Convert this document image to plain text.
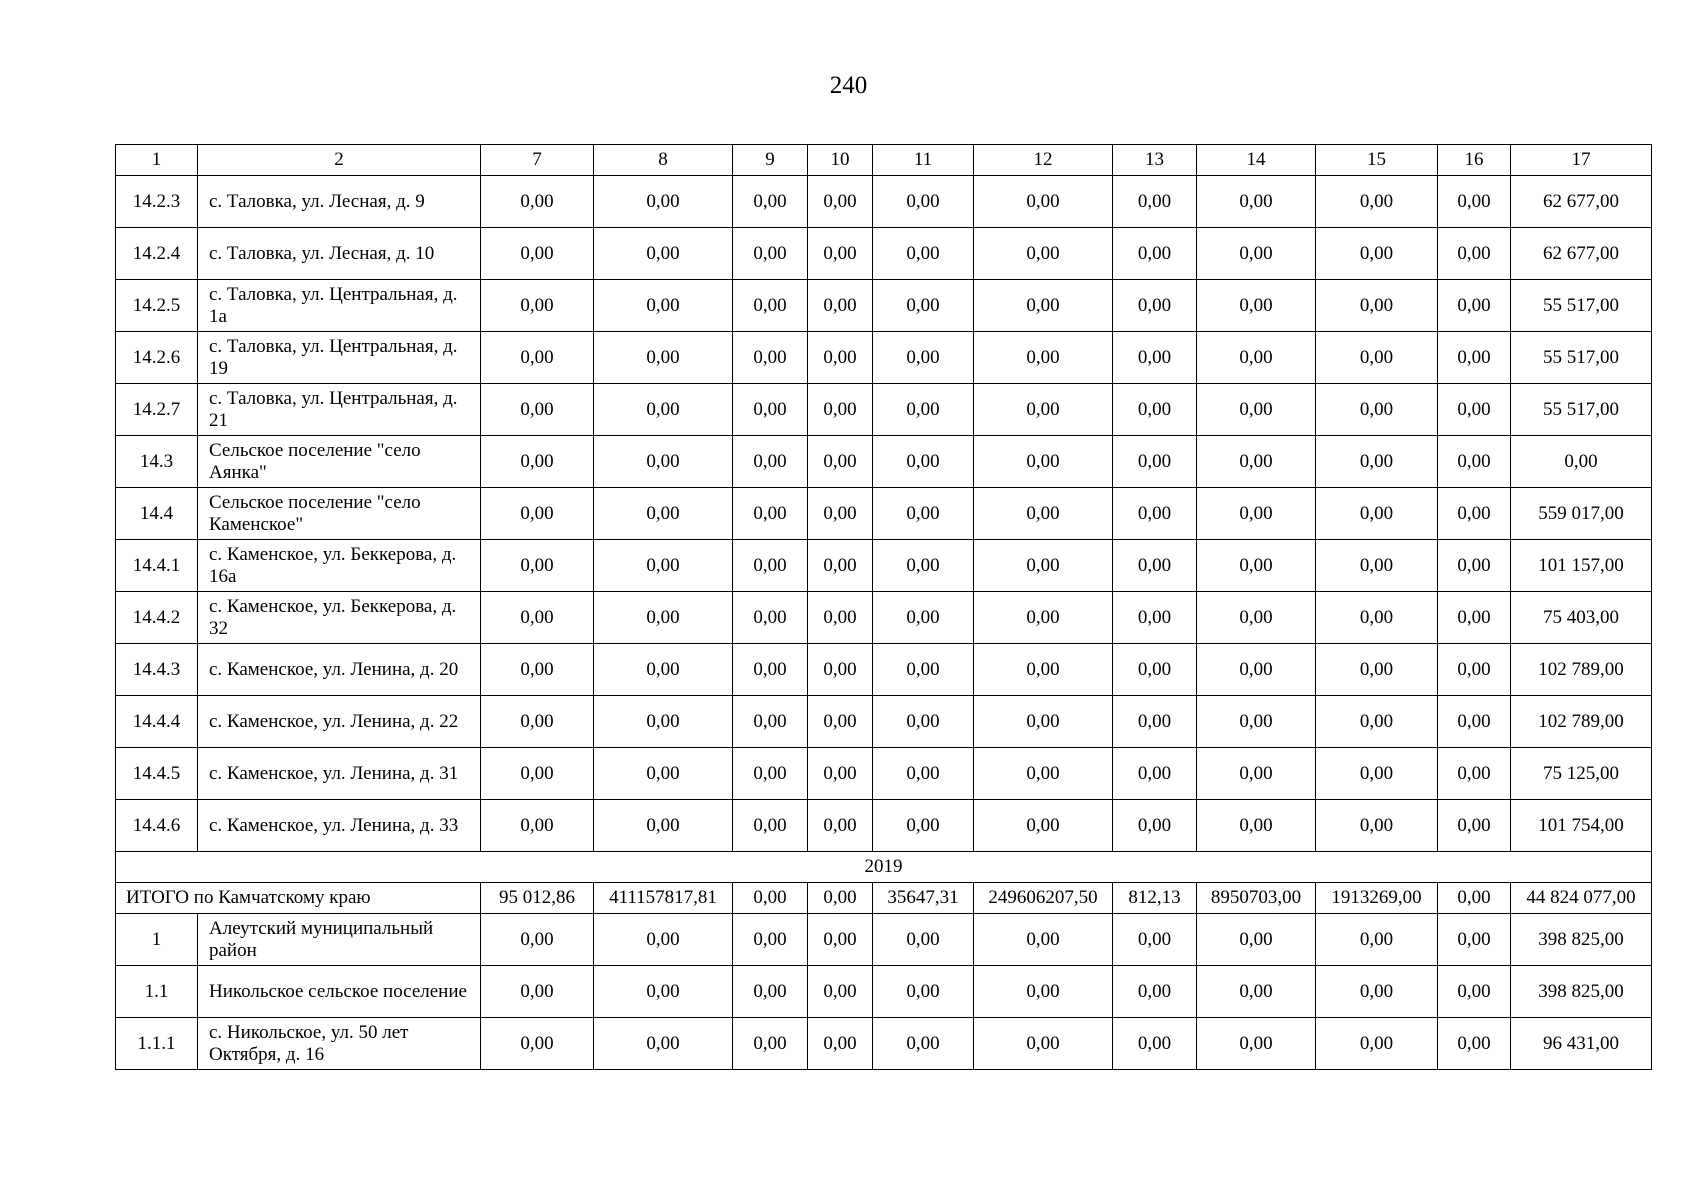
240
1	2	7	8	9	10	11	12	13	14	15	16	17
14.2.3	с. Таловка, ул. Лесная, д. 9	0,00	0,00	0,00	0,00	0,00	0,00	0,00	0,00	0,00	0,00	62 677,00
14.2.4	с. Таловка, ул. Лесная, д. 10	0,00	0,00	0,00	0,00	0,00	0,00	0,00	0,00	0,00	0,00	62 677,00
14.2.5	с. Таловка, ул. Центральная, д. 1а	0,00	0,00	0,00	0,00	0,00	0,00	0,00	0,00	0,00	0,00	55 517,00
14.2.6	с. Таловка, ул. Центральная, д. 19	0,00	0,00	0,00	0,00	0,00	0,00	0,00	0,00	0,00	0,00	55 517,00
14.2.7	с. Таловка, ул. Центральная, д. 21	0,00	0,00	0,00	0,00	0,00	0,00	0,00	0,00	0,00	0,00	55 517,00
14.3	Сельское поселение "село Аянка"	0,00	0,00	0,00	0,00	0,00	0,00	0,00	0,00	0,00	0,00	0,00
14.4	Сельское поселение "село Каменское"	0,00	0,00	0,00	0,00	0,00	0,00	0,00	0,00	0,00	0,00	559 017,00
14.4.1	с. Каменское, ул. Беккерова, д. 16а	0,00	0,00	0,00	0,00	0,00	0,00	0,00	0,00	0,00	0,00	101 157,00
14.4.2	с. Каменское, ул. Беккерова, д. 32	0,00	0,00	0,00	0,00	0,00	0,00	0,00	0,00	0,00	0,00	75 403,00
14.4.3	с. Каменское, ул. Ленина, д. 20	0,00	0,00	0,00	0,00	0,00	0,00	0,00	0,00	0,00	0,00	102 789,00
14.4.4	с. Каменское, ул. Ленина, д. 22	0,00	0,00	0,00	0,00	0,00	0,00	0,00	0,00	0,00	0,00	102 789,00
14.4.5	с. Каменское, ул. Ленина, д. 31	0,00	0,00	0,00	0,00	0,00	0,00	0,00	0,00	0,00	0,00	75 125,00
14.4.6	с. Каменское, ул. Ленина, д. 33	0,00	0,00	0,00	0,00	0,00	0,00	0,00	0,00	0,00	0,00	101 754,00
2019												
ИТОГО по Камчатскому краю		95 012,86	411157817,81	0,00	0,00	35647,31	249606207,50	812,13	8950703,00	1913269,00	0,00	44 824 077,00
1	Алеутский муниципальный район	0,00	0,00	0,00	0,00	0,00	0,00	0,00	0,00	0,00	0,00	398 825,00
1.1	Никольское сельское поселение	0,00	0,00	0,00	0,00	0,00	0,00	0,00	0,00	0,00	0,00	398 825,00
1.1.1	с. Никольское, ул. 50 лет Октября, д. 16	0,00	0,00	0,00	0,00	0,00	0,00	0,00	0,00	0,00	0,00	96 431,00
